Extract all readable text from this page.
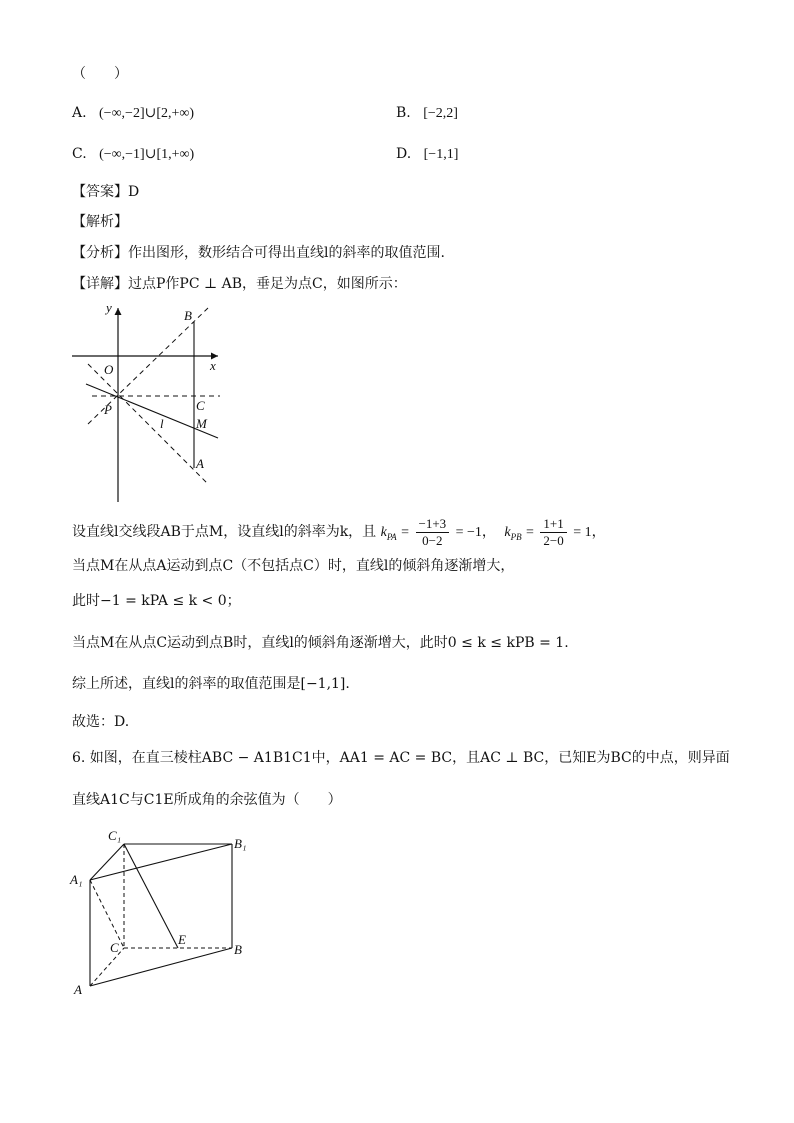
（　　）
A. (−∞,−2]∪[2,+∞)	B. [−2,2]
C. (−∞,−1]∪[1,+∞)	D. [−1,1]
【答案】D
【解析】
【分析】作出图形，数形结合可得出直线l的斜率的取值范围.
【详解】过点P作PC ⊥ AB，垂足为点C，如图所示：
y
x
O
P
B
C
M
l
A
设直线l交线段AB于点M，设直线l的斜率为k，且 $k_{PA} = \frac{-1+3}{0-2} = -1$， $k_{PB} = \frac{1+1}{2-0} = 1$，
当点M在从点A运动到点C（不包括点C）时，直线l的倾斜角逐渐增大，
此时−1 = kPA ≤ k < 0；
当点M在从点C运动到点B时，直线l的倾斜角逐渐增大，此时0 ≤ k ≤ kPB = 1.
综上所述，直线l的斜率的取值范围是[−1,1].
故选：D.
6. 如图，在直三棱柱ABC − A1B1C1中，AA1 = AC = BC，且AC ⊥ BC，已知E为BC的中点，则异面
直线A1C与C1E所成角的余弦值为（　　）
C₁
B₁
A₁
C
E
B
A
